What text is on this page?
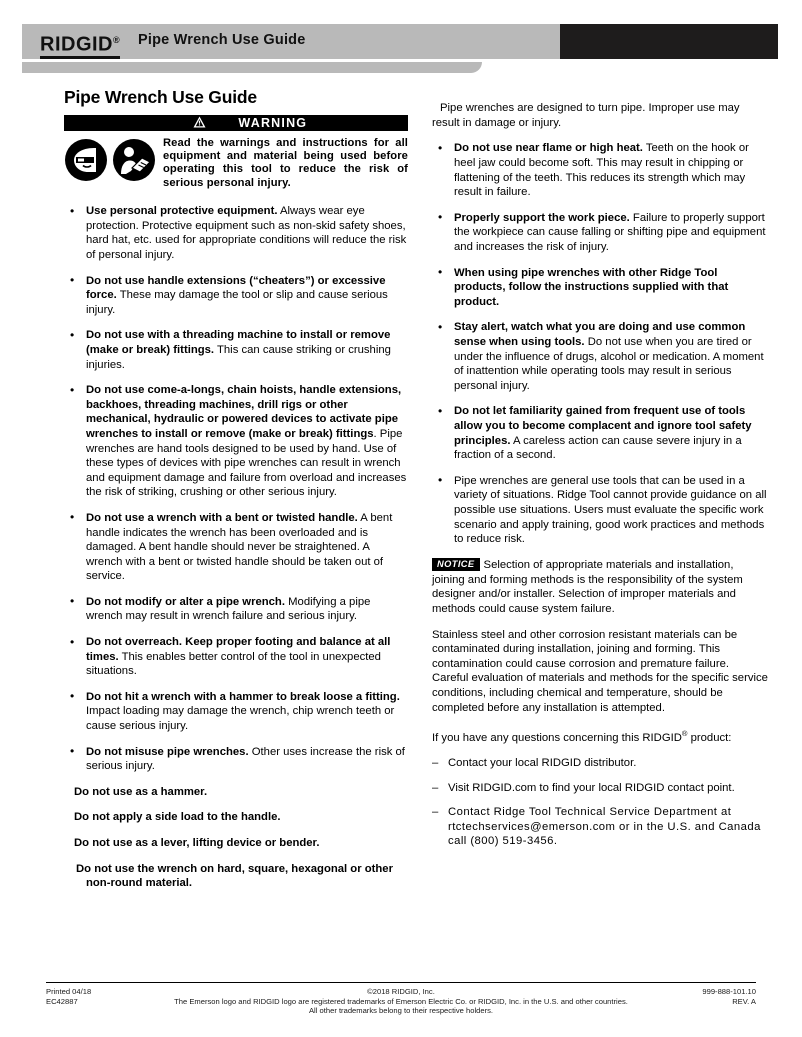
RIDGID® Pipe Wrench Use Guide
Pipe Wrench Use Guide
WARNING
Read the warnings and instructions for all equipment and material being used before operating this tool to reduce the risk of serious personal injury.
• Use personal protective equipment. Always wear eye protection. Protective equipment such as non-skid safety shoes, hard hat, etc. used for appropriate conditions will reduce the risk of personal injury.
• Do not use handle extensions (“cheaters”) or excessive force. These may damage the tool or slip and cause serious injury.
• Do not use with a threading machine to install or remove (make or break) fittings. This can cause striking or crushing injuries.
• Do not use come-a-longs, chain hoists, handle extensions, backhoes, threading machines, drill rigs or other mechanical, hydraulic or powered devices to activate pipe wrenches to install or remove (make or break) fittings. Pipe wrenches are hand tools designed to be used by hand. Use of these types of devices with pipe wrenches can result in wrench and equipment damage and failure from overload and increases the risk of striking, crushing or other serious injury.
• Do not use a wrench with a bent or twisted handle. A bent handle indicates the wrench has been overloaded and is damaged. A bent handle should never be straightened. A wrench with a bent or twisted handle should be taken out of service.
• Do not modify or alter a pipe wrench. Modifying a pipe wrench may result in wrench failure and serious injury.
• Do not overreach. Keep proper footing and balance at all times. This enables better control of the tool in unexpected situations.
• Do not hit a wrench with a hammer to break loose a fitting. Impact loading may damage the wrench, chip wrench teeth or cause serious injury.
• Do not misuse pipe wrenches. Other uses increase the risk of serious injury.

Do not use as a hammer.

Do not apply a side load to the handle.

Do not use as a lever, lifting device or bender.

Do not use the wrench on hard, square, hexagonal or other non-round material.

Pipe wrenches are designed to turn pipe. Improper use may result in damage or injury.

• Do not use near flame or high heat. Teeth on the hook or heel jaw could become soft. This may result in chipping or flattening of the teeth. This reduces its strength which may result in failure.
• Properly support the work piece. Failure to properly support the workpiece can cause falling or shifting pipe and equipment and increases the risk of injury.
• When using pipe wrenches with other Ridge Tool products, follow the instructions supplied with that product.
• Stay alert, watch what you are doing and use common sense when using tools. Do not use when you are tired or under the influence of drugs, alcohol or medication. A moment of inattention while operating tools may result in serious personal injury.
• Do not let familiarity gained from frequent use of tools allow you to become complacent and ignore tool safety principles. A careless action can cause severe injury in a fraction of a second.
• Pipe wrenches are general use tools that can be used in a variety of situations. Ridge Tool cannot provide guidance on all possible use situations. Users must evaluate the specific work scenario and apply training, good work practices and methods to reduce risk.

NOTICE Selection of appropriate materials and installation, joining and forming methods is the responsibility of the system designer and/or installer. Selection of improper materials and methods could cause system failure.

Stainless steel and other corrosion resistant materials can be contaminated during installation, joining and forming. This contamination could cause corrosion and premature failure. Careful evaluation of materials and methods for the specific service conditions, including chemical and temperature, should be completed before any installation is attempted.

If you have any questions concerning this RIDGID® product:

– Contact your local RIDGID distributor.
– Visit RIDGID.com to find your local RIDGID contact point.
– Contact Ridge Tool Technical Service Department at rtctechservices@emerson.com or in the U.S. and Canada call (800) 519-3456.
Printed 04/18
EC42887
©2018 RIDGID, Inc.
The Emerson logo and RIDGID logo are registered trademarks of Emerson Electric Co. or RIDGID, Inc. in the U.S. and other countries.
All other trademarks belong to their respective holders.
999-888-101.10
REV. A
